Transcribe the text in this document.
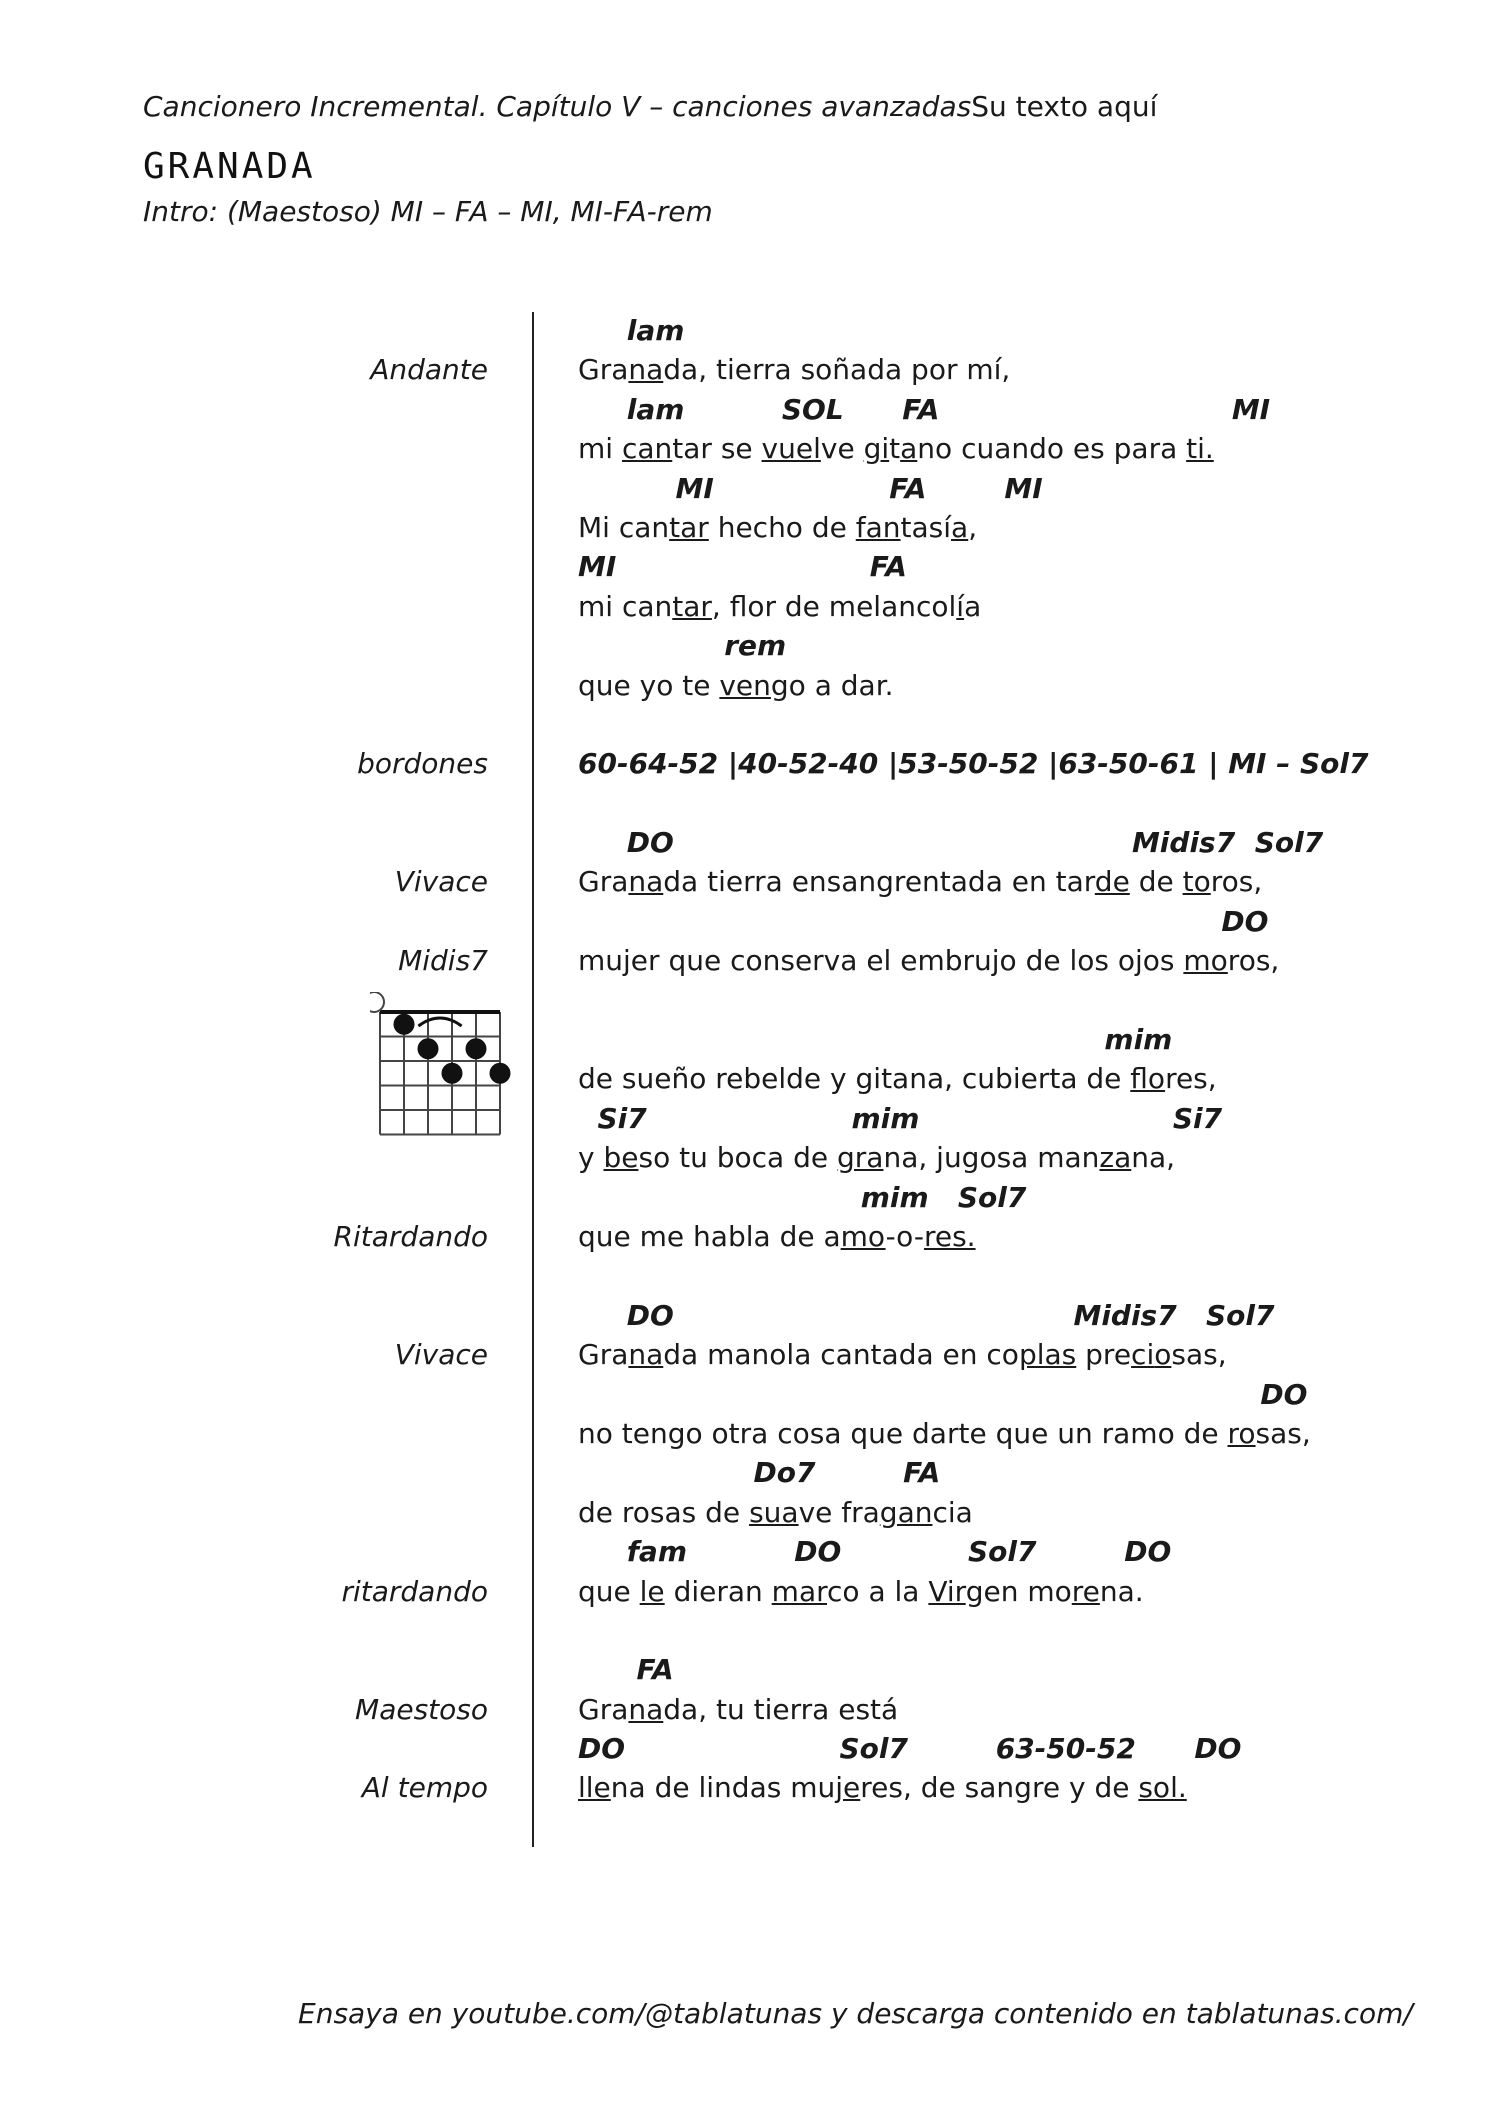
Cancionero Incremental. Capítulo V – canciones avanzadasSu texto aquí
GRANADA
Intro: (Maestoso) MI – FA – MI, MI-FA-rem
lam
Andante	Granada, tierra soñada por mí,
lam          SOL      FA                              MI
mi cantar se vuelve gitano cuando es para ti.
MI                  FA        MI
Mi cantar hecho de fantasía,
MI                          FA
mi cantar, flor de melancolía
rem
que yo te vengo a dar.
bordones	60-64-52 |40-52-40 |53-50-52 |63-50-61 | MI – Sol7
DO                                               Midis7  Sol7
Vivace	Granada tierra ensangrentada en tarde de toros,
DO
Midis7	mujer que conserva el embrujo de los ojos moros,
mim
de sueño rebelde y gitana, cubierta de flores,
Si7                     mim                          Si7
y beso tu boca de grana, jugosa manzana,
mim   Sol7
Ritardando	que me habla de amo-o-res.
DO                                         Midis7   Sol7
Vivace	Granada manola cantada en coplas preciosas,
DO
no tengo otra cosa que darte que un ramo de rosas,
Do7         FA
de rosas de suave fragancia
fam           DO             Sol7         DO
ritardando	que le dieran marco a la Virgen morena.
FA
Maestoso	Granada, tu tierra está
DO                      Sol7         63-50-52      DO
Al tempo	llena de lindas mujeres, de sangre y de sol.
Ensaya en youtube.com/@tablatunas y descarga contenido en tablatunas.com/
